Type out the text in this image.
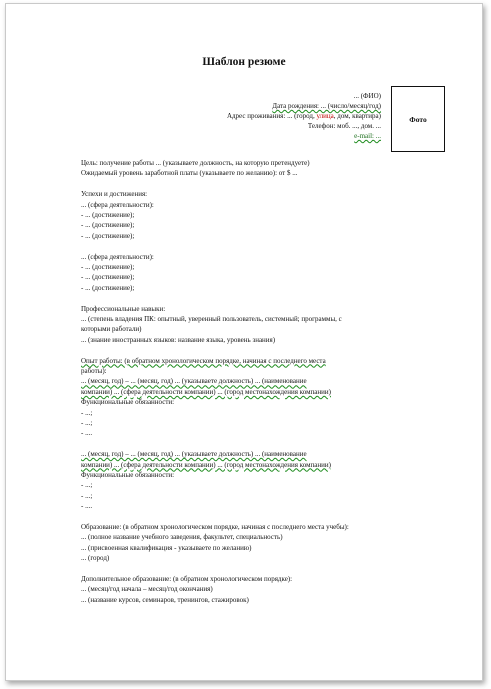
Шаблон резюме
Фото
... (ФИО)
Дата рождения: ... (число/месяц/год)
Адрес проживания: ... (город, улица, дом, квартира)
Телефон: моб. ..., дом. ...
e-mail: ...
Цель: получение работы ... (указываете должность, на которую претендуете)
Ожидаемый уровень заработной платы (указываете по желанию): от $ ...
Успехи и достижения:
... (сфера деятельности):
- ... (достижение);
- ... (достижение);
- ... (достижение);
... (сфера деятельности):
- ... (достижение);
- ... (достижение);
- ... (достижение);
Профессиональные навыки:
... (степень владения ПК: опытный, уверенный пользователь, системный; программы, с
которыми работали)
... (знание иностранных языков: название языка, уровень знания)
Опыт работы: (в обратном хронологическом порядке, начиная с последнего места
работы):
... (месяц, год) – ... (месяц, год) ... (указываете должность) ... (наименование
компании) ... (сфера деятельности компании) ... (город местонахождения компании)
Функциональные обязанности:
- ...;
- ...;
- ....
... (месяц, год) – ... (месяц, год) ... (указываете должность) ... (наименование
компании) ... (сфера деятельности компании) ... (город местонахождения компании)
Функциональные обязанности:
- ...;
- ...;
- ....
Образование: (в обратном хронологическом порядке, начиная с последнего места учебы):
... (полное название учебного заведения, факультет, специальность)
... (присвоенная квалификация - указываете по желанию)
... (город)
Дополнительное образование: (в обратном хронологическом порядке):
... (месяц/год начала – месяц/год окончания)
... (название курсов, семинаров, тренингов, стажировок)
